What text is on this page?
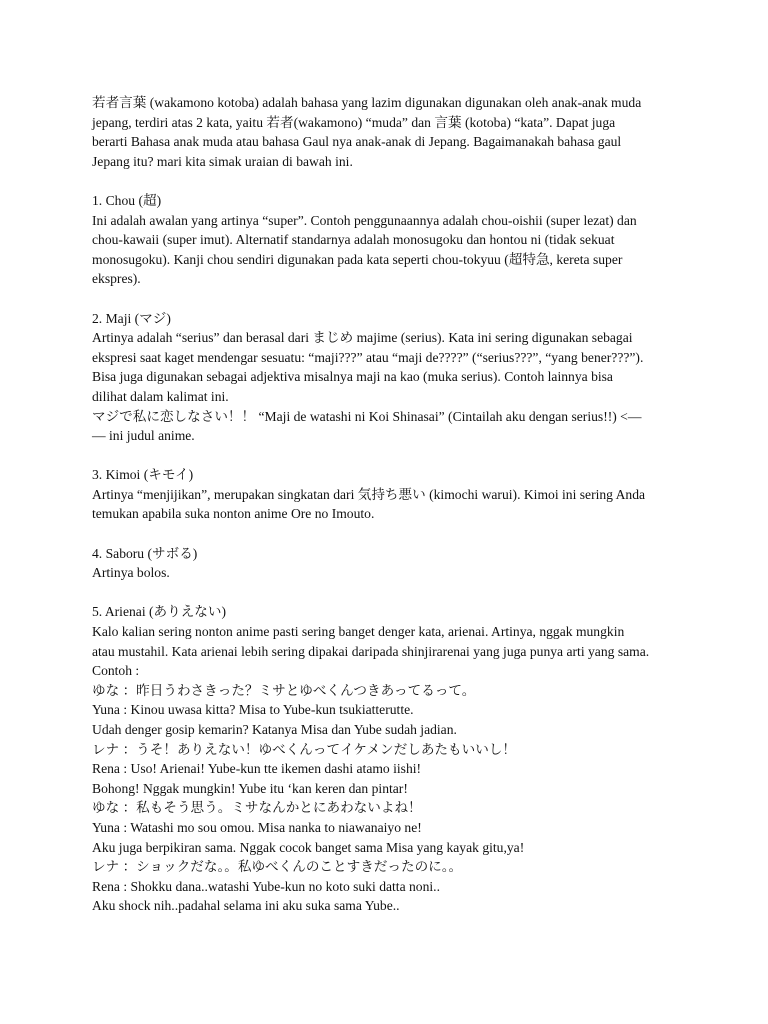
若者言葉 (wakamono kotoba) adalah bahasa yang lazim digunakan digunakan oleh anak-anak muda
jepang, terdiri atas 2 kata, yaitu 若者(wakamono) “muda” dan 言葉 (kotoba) “kata”. Dapat juga
berarti Bahasa anak muda atau bahasa Gaul nya anak-anak di Jepang. Bagaimanakah bahasa gaul
Jepang itu? mari kita simak uraian di bawah ini.
1. Chou (超)
Ini adalah awalan yang artinya “super”. Contoh penggunaannya adalah chou-oishii (super lezat) dan
chou-kawaii (super imut). Alternatif standarnya adalah monosugoku dan hontou ni (tidak sekuat
monosugoku). Kanji chou sendiri digunakan pada kata seperti chou-tokyuu (超特急, kereta super
ekspres).
2. Maji (マジ)
Artinya adalah “serius” dan berasal dari まじめ majime (serius). Kata ini sering digunakan sebagai
ekspresi saat kaget mendengar sesuatu: “maji???” atau “maji de????” (“serius???”, “yang bener???”).
Bisa juga digunakan sebagai adjektiva misalnya maji na kao (muka serius). Contoh lainnya bisa
dilihat dalam kalimat ini.
マジで私に恋しなさい！！ “Maji de watashi ni Koi Shinasai” (Cintailah aku dengan serius!!) <—
— ini judul anime.
3. Kimoi (キモイ)
Artinya “menjijikan”, merupakan singkatan dari 気持ち悪い (kimochi warui). Kimoi ini sering Anda
temukan apabila suka nonton anime Ore no Imouto.
4. Saboru (サボる)
Artinya bolos.
5. Arienai (ありえない)
Kalo kalian sering nonton anime pasti sering banget denger kata, arienai. Artinya, nggak mungkin
atau mustahil. Kata arienai lebih sering dipakai daripada shinjirarenai yang juga punya arti yang sama.
Contoh :
ゆな ：昨日うわさきった？ミサとゆべくんつきあってるって。
Yuna : Kinou uwasa kitta? Misa to Yube-kun tsukiatterutte.
Udah denger gosip kemarin? Katanya Misa dan Yube sudah jadian.
レナ ：うそ！ありえない！ゆべくんってイケメンだしあたもいいし！
Rena : Uso! Arienai! Yube-kun tte ikemen dashi atamo iishi!
Bohong! Nggak mungkin! Yube itu ‘kan keren dan pintar!
ゆな ：私もそう思う。ミサなんかとにあわないよね！
Yuna : Watashi mo sou omou. Misa nanka to niawanaiyo ne!
Aku juga berpikiran sama. Nggak cocok banget sama Misa yang kayak gitu,ya!
レナ ：ショックだな。。私ゆべくんのことすきだったのに。。
Rena : Shokku dana..watashi Yube-kun no koto suki datta noni..
Aku shock nih..padahal selama ini aku suka sama Yube..
